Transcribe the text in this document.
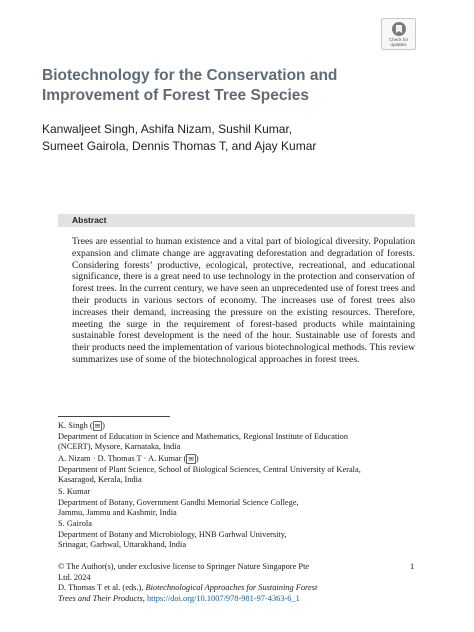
Check for updates
Biotechnology for the Conservation and Improvement of Forest Tree Species
Kanwaljeet Singh, Ashifa Nizam, Sushil Kumar,
Sumeet Gairola, Dennis Thomas T, and Ajay Kumar
Abstract

Trees are essential to human existence and a vital part of biological diversity. Population expansion and climate change are aggravating deforestation and degradation of forests. Considering forests’ productive, ecological, protective, recreational, and educational significance, there is a great need to use technology in the protection and conservation of forest trees. In the current century, we have seen an unprecedented use of forest trees and their products in various sectors of economy. The increases use of forest trees also increases their demand, increasing the pressure on the existing resources. Therefore, meeting the surge in the requirement of forest-based products while maintaining sustainable forest development is the need of the hour. Sustainable use of forests and their products need the implementation of various biotechnological methods. This review summarizes use of some of the biotechnological approaches in forest trees.

K. Singh ( ✉ )
Department of Education in Science and Mathematics, Regional Institute of Education
(NCERT), Mysore, Karnataka, India
A. Nizam · D. Thomas T · A. Kumar ( ✉ )
Department of Plant Science, School of Biological Sciences, Central University of Kerala,
Kasaragod, Kerala, India
S. Kumar
Department of Botany, Government Gandhi Memorial Science College,
Jammu, Jammu and Kashmir, India
S. Gairola
Department of Botany and Microbiology, HNB Garhwal University,
Srinagar, Garhwal, Uttarakhand, India
© The Author(s), under exclusive license to Springer Nature Singapore Pte
Ltd. 2024
D. Thomas T et al. (eds.), Biotechnological Approaches for Sustaining Forest
Trees and Their Products, https://doi.org/10.1007/978-981-97-4363-6_1
1
